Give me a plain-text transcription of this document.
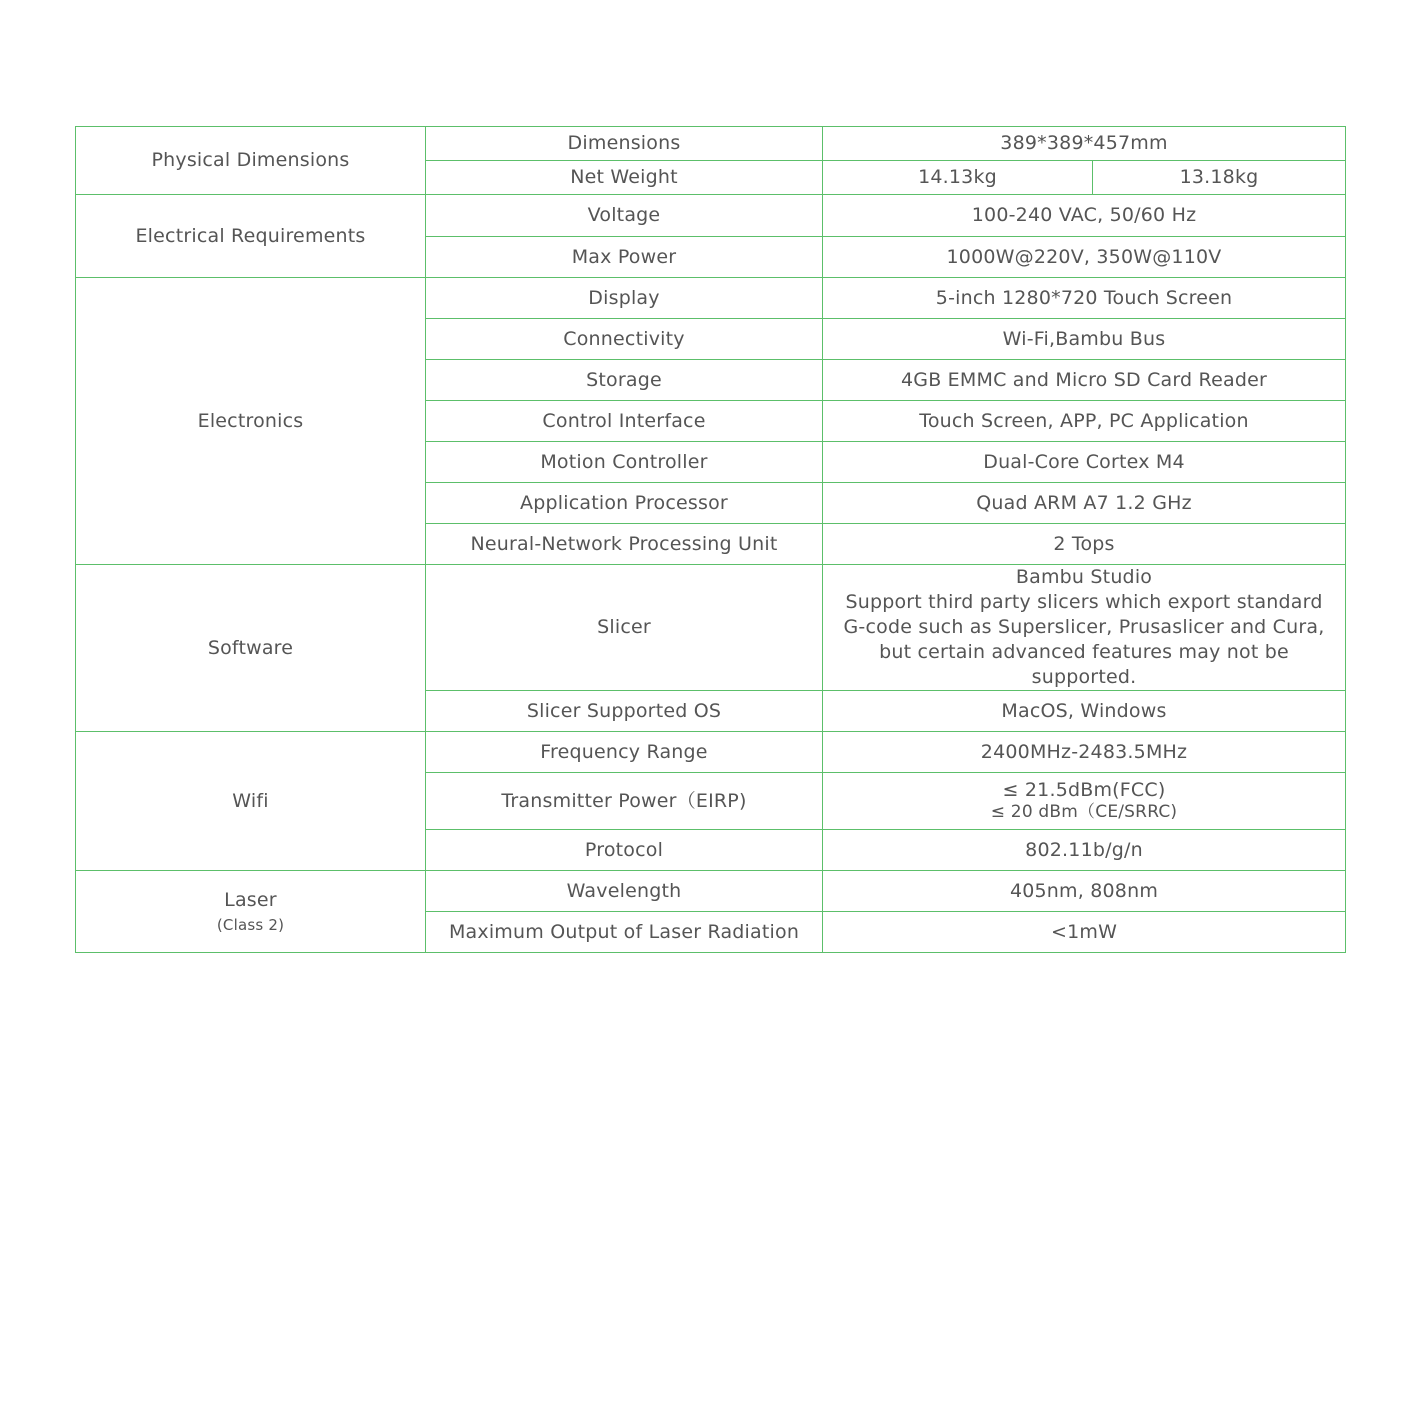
Physical Dimensions	Dimensions	389*389*457mm	
	Net Weight	14.13kg	13.18kg
Electrical Requirements	Voltage	100-240 VAC, 50/60 Hz	
	Max Power	1000W@220V, 350W@110V	
Electronics	Display	5-inch 1280*720 Touch Screen	
	Connectivity	Wi-Fi,Bambu Bus	
	Storage	4GB EMMC and Micro SD Card Reader	
	Control Interface	Touch Screen, APP, PC Application	
	Motion Controller	Dual-Core Cortex M4	
	Application Processor	Quad ARM A7 1.2 GHz	
	Neural-Network Processing Unit	2 Tops	
Software	Slicer	Bambu Studio
Support third party slicers which export standard
G-code such as Superslicer, Prusaslicer and Cura,
but certain advanced features may not be supported.	

	Slicer Supported OS	MacOS, Windows	
Wifi	Frequency Range	2400MHz-2483.5MHz	
	Transmitter Power（EIRP)	≤ 21.5dBm(FCC)
≤ 20 dBm（CE/SRRC)	

	Protocol	802.11b/g/n	

Laser
(Class 2)	Wavelength	405nm, 808nm	
	Maximum Output of Laser Radiation	<1mW	
